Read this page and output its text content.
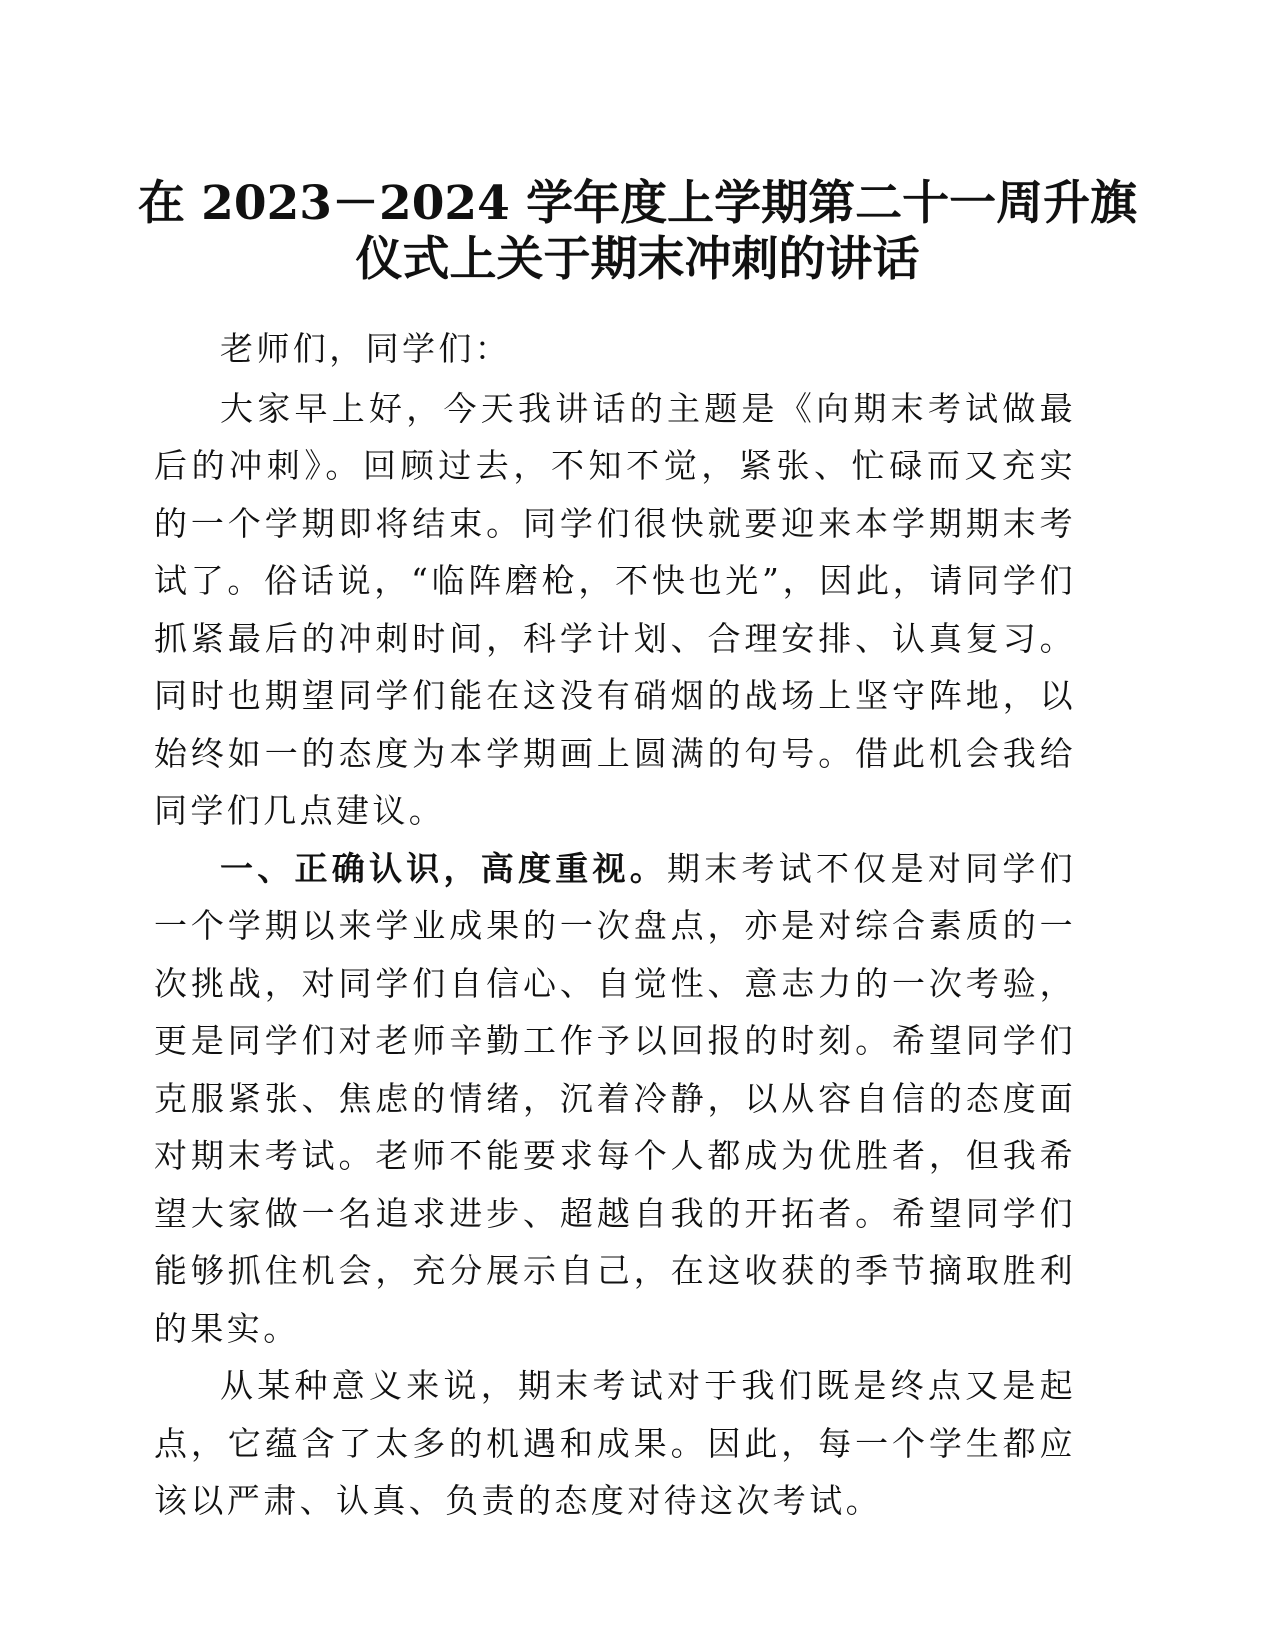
在 2023－2024 学年度上学期第二十一周升旗仪式上关于期末冲刺的讲话

老师们，同学们：

大家早上好，今天我讲话的主题是《向期末考试做最后的冲刺》。回顾过去，不知不觉，紧张、忙碌而又充实的一个学期即将结束。同学们很快就要迎来本学期期末考试了。俗话说，“临阵磨枪，不快也光”，因此，请同学们抓紧最后的冲刺时间，科学计划、合理安排、认真复习。同时也期望同学们能在这没有硝烟的战场上坚守阵地，以始终如一的态度为本学期画上圆满的句号。借此机会我给同学们几点建议。

一、正确认识，高度重视。期末考试不仅是对同学们一个学期以来学业成果的一次盘点，亦是对综合素质的一次挑战，对同学们自信心、自觉性、意志力的一次考验，更是同学们对老师辛勤工作予以回报的时刻。希望同学们克服紧张、焦虑的情绪，沉着冷静，以从容自信的态度面对期末考试。老师不能要求每个人都成为优胜者，但我希望大家做一名追求进步、超越自我的开拓者。希望同学们能够抓住机会，充分展示自己，在这收获的季节摘取胜利的果实。

从某种意义来说，期末考试对于我们既是终点又是起点，它蕴含了太多的机遇和成果。因此，每一个学生都应该以严肃、认真、负责的态度对待这次考试。
